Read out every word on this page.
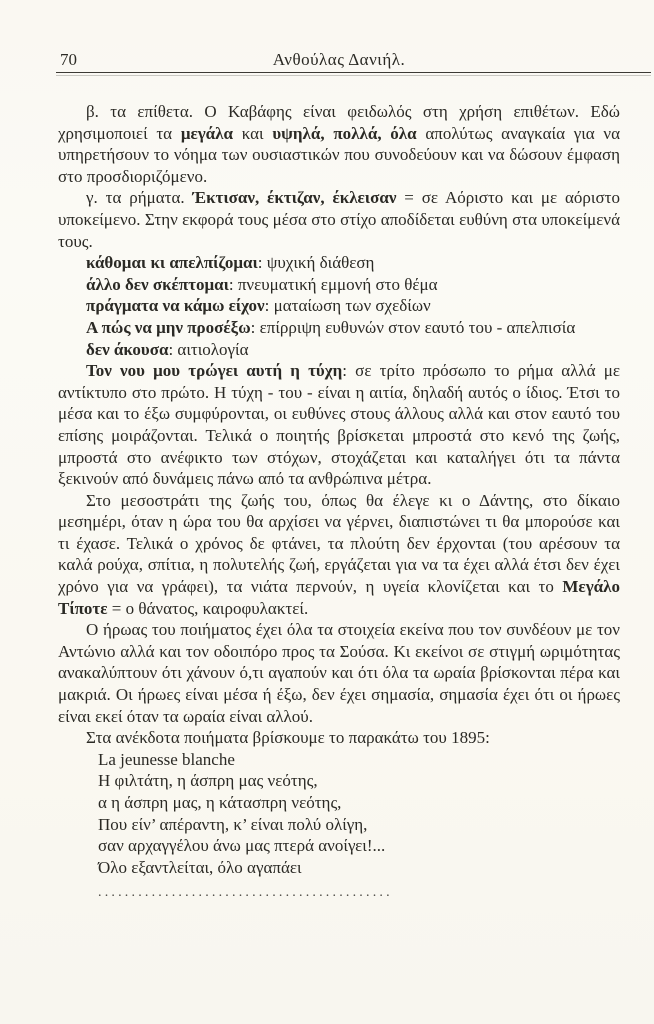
70	Ανθούλας Δανιήλ.

β. τα επίθετα. Ο Καβάφης είναι φειδωλός στη χρήση επιθέτων. Εδώ χρησιμοποιεί τα μεγάλα και υψηλά, πολλά, όλα απολύτως αναγκαία για να υπηρετήσουν το νόημα των ουσιαστικών που συνοδεύουν και να δώσουν έμφαση στο προσδιοριζόμενο.

γ. τα ρήματα. Έκτισαν, έκτιζαν, έκλεισαν = σε Αόριστο και με αόριστο υποκείμενο. Στην εκφορά τους μέσα στο στίχο αποδίδεται ευθύνη στα υποκείμενά τους.

κάθομαι κι απελπίζομαι: ψυχική διάθεση

άλλο δεν σκέπτομαι: πνευματική εμμονή στο θέμα

πράγματα να κάμω είχον: ματαίωση των σχεδίων

Α πώς να μην προσέξω: επίρριψη ευθυνών στον εαυτό του - απελπισία

δεν άκουσα: αιτιολογία

Τον νου μου τρώγει αυτή η τύχη: σε τρίτο πρόσωπο το ρήμα αλλά με αντίκτυπο στο πρώτο. Η τύχη - του - είναι η αιτία, δηλαδή αυτός ο ίδιος. Έτσι το μέσα και το έξω συμφύρονται, οι ευθύνες στους άλλους αλλά και στον εαυτό του επίσης μοιράζονται. Τελικά ο ποιητής βρίσκεται μπροστά στο κενό της ζωής, μπροστά στο ανέφικτο των στόχων, στοχάζεται και καταλήγει ότι τα πάντα ξεκινούν από δυνάμεις πάνω από τα ανθρώπινα μέτρα.

Στο μεσοστράτι της ζωής του, όπως θα έλεγε κι ο Δάντης, στο δίκαιο μεσημέρι, όταν η ώρα του θα αρχίσει να γέρνει, διαπιστώνει τι θα μπορούσε και τι έχασε. Τελικά ο χρόνος δε φτάνει, τα πλούτη δεν έρχονται (του αρέσουν τα καλά ρούχα, σπίτια, η πολυτελής ζωή, εργάζεται για να τα έχει αλλά έτσι δεν έχει χρόνο για να γράφει), τα νιάτα περνούν, η υγεία κλονίζεται και το Μεγάλο Τίποτε = ο θάνατος, καιροφυλακτεί.

Ο ήρωας του ποιήματος έχει όλα τα στοιχεία εκείνα που τον συνδέουν με τον Αντώνιο αλλά και τον οδοιπόρο προς τα Σούσα. Κι εκείνοι σε στιγμή ωριμότητας ανακαλύπτουν ότι χάνουν ό,τι αγαπούν και ότι όλα τα ωραία βρίσκονται πέρα και μακριά. Οι ήρωες είναι μέσα ή έξω, δεν έχει σημασία, σημασία έχει ότι οι ήρωες είναι εκεί όταν τα ωραία είναι αλλού.

Στα ανέκδοτα ποιήματα βρίσκουμε το παρακάτω του 1895:

La jeunesse blanche

Η φιλτάτη, η άσπρη μας νεότης,

α η άσπρη μας, η κάτασπρη νεότης,

Που είν’ απέραντη, κ’ είναι πολύ ολίγη,

σαν αρχαγγέλου άνω μας πτερά ανοίγει!...

Όλο εξαντλείται, όλο αγαπάει

............................................
